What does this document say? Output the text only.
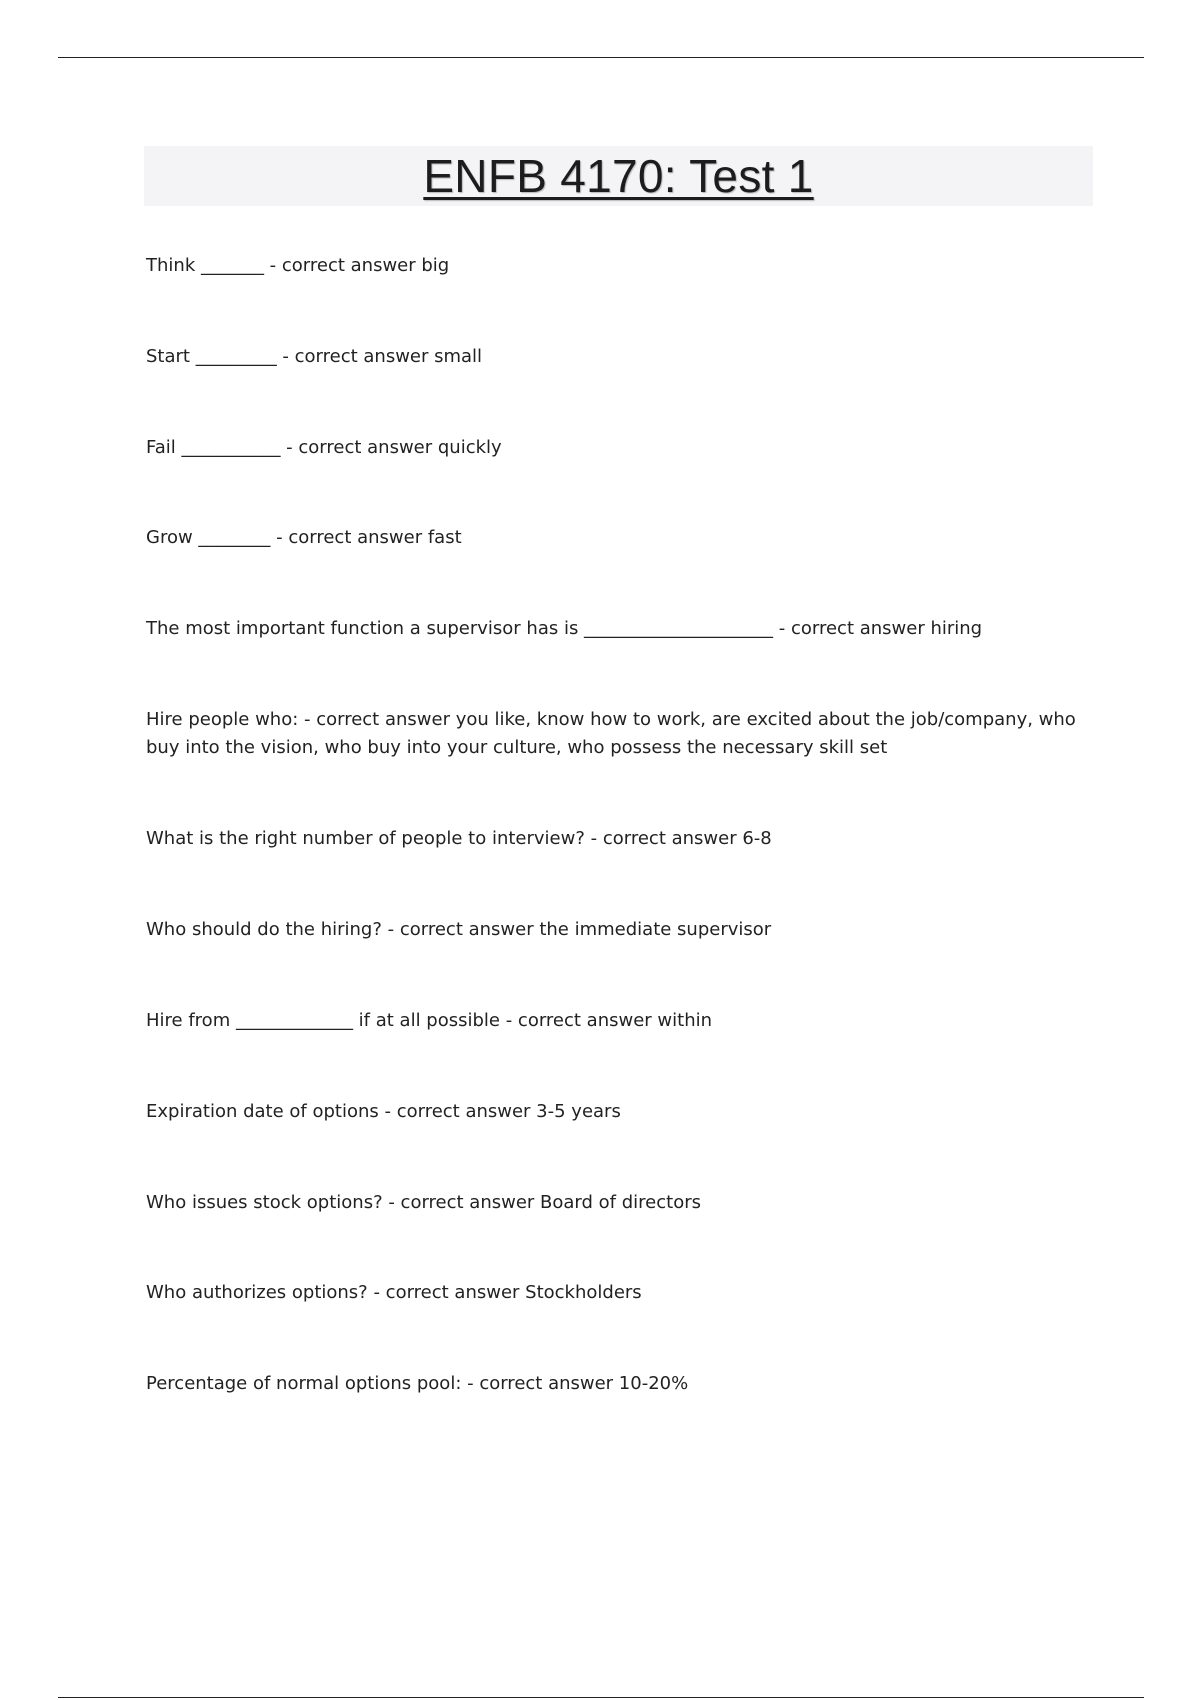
ENFB 4170: Test 1

Think _______ - correct answer big

Start _________ - correct answer small

Fail ___________ - correct answer quickly

Grow ________ - correct answer fast

The most important function a supervisor has is _____________________ - correct answer hiring

Hire people who: - correct answer you like, know how to work, are excited about the job/company, who buy into the vision, who buy into your culture, who possess the necessary skill set

What is the right number of people to interview? - correct answer 6-8

Who should do the hiring? - correct answer the immediate supervisor

Hire from _____________ if at all possible - correct answer within

Expiration date of options - correct answer 3-5 years

Who issues stock options? - correct answer Board of directors

Who authorizes options? - correct answer Stockholders

Percentage of normal options pool: - correct answer 10-20%
